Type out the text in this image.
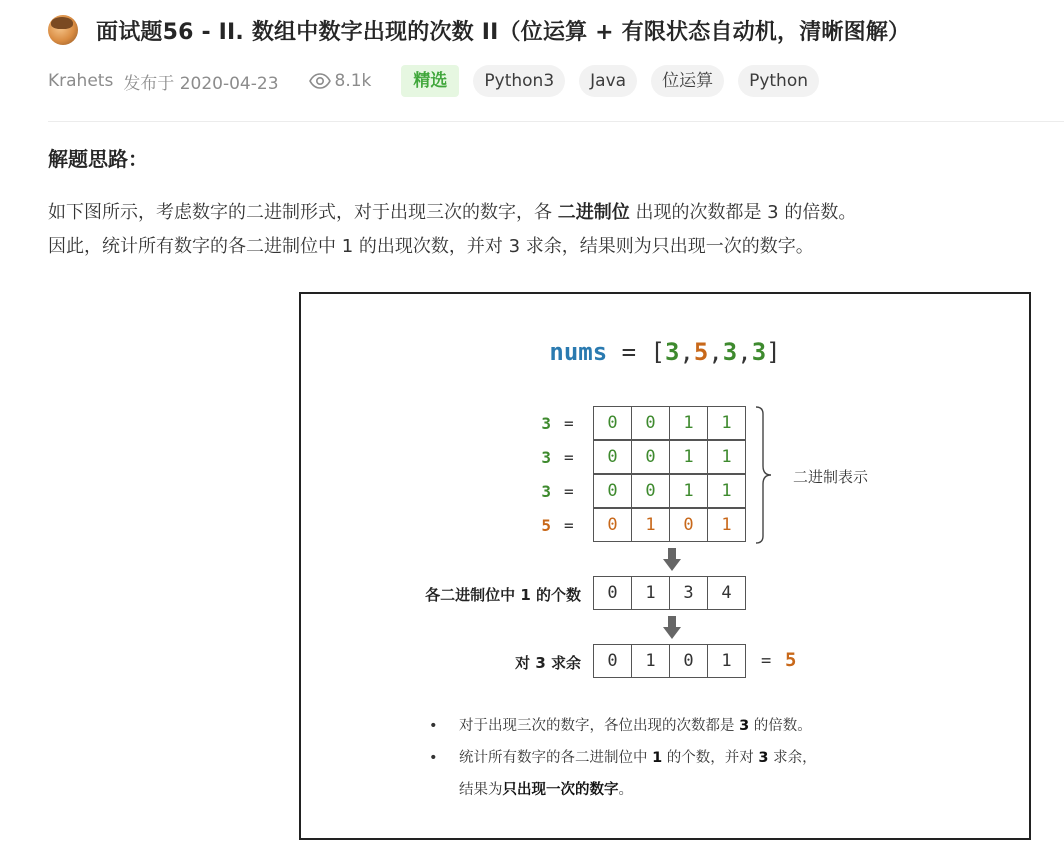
面试题56 - II. 数组中数字出现的次数 II（位运算 + 有限状态自动机，清晰图解）
Krahets 发布于 2020-04-23	8.1k	精选	Python3	Java	位运算	Python
解题思路：
如下图所示，考虑数字的二进制形式，对于出现三次的数字，各 二进制位 出现的次数都是 3 的倍数。
因此，统计所有数字的各二进制位中 1 的出现次数，并对 3 求余，结果则为只出现一次的数字。
nums = [3,5,3,3]
3 =	0	0	1	1
3 =	0	0	1	1
3 =	0	0	1	1
5 =	0	1	0	1
二进制表示
各二进制位中 1 的个数	0	1	3	4
对 3 求余	0	1	0	1	= 5
•	对于出现三次的数字，各位出现的次数都是 3 的倍数。
•	统计所有数字的各二进制位中 1 的个数，并对 3 求余，
结果为只出现一次的数字。
